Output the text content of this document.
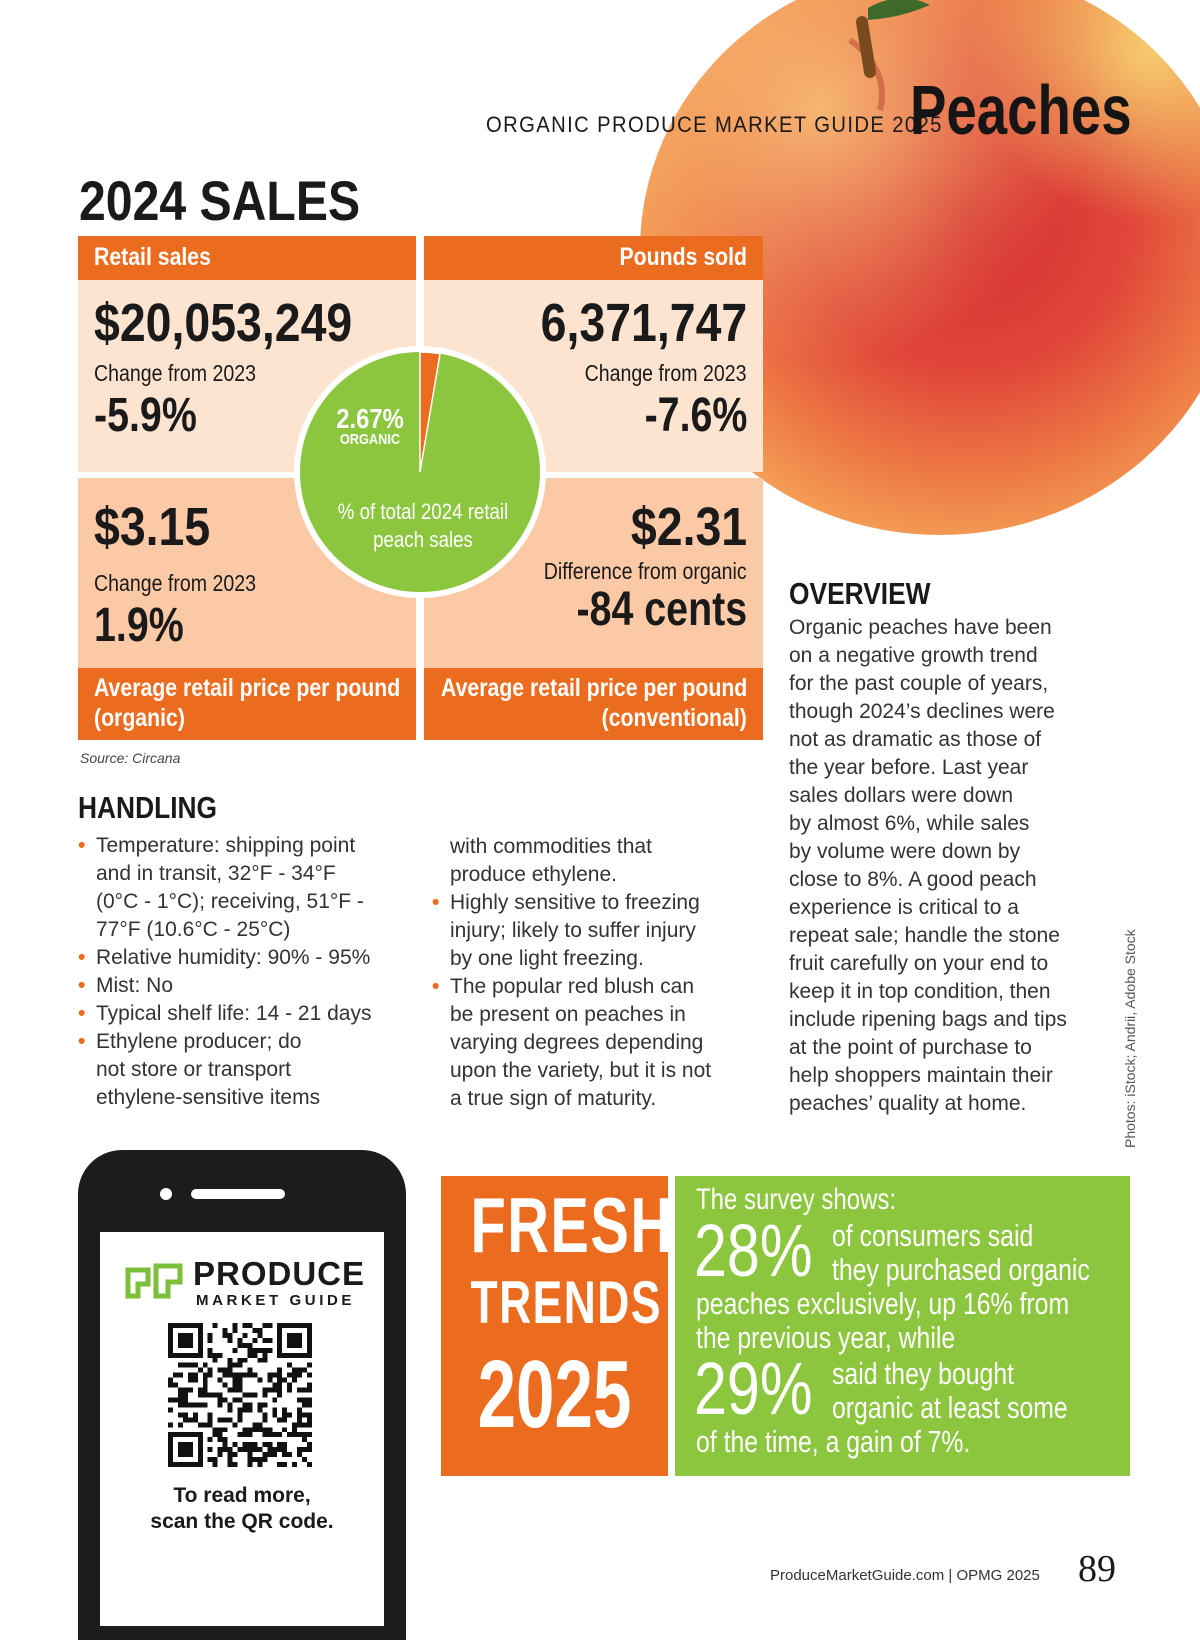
ORGANIC PRODUCE MARKET GUIDE 2025
Peaches
2024 SALES
Retail sales
$20,053,249
Change from 2023
-5.9%
Pounds sold
6,371,747
Change from 2023
-7.6%
$3.15
Change from 2023
1.9%
Average retail price per pound
(organic)
$2.31
Difference from organic
-84 cents
Average retail price per pound
(conventional)
2.67%
ORGANIC
% of total 2024 retail
peach sales
Source: Circana
HANDLING
• Temperature: shipping point
and in transit, 32°F - 34°F
(0°C - 1°C); receiving, 51°F -
77°F (10.6°C - 25°C)
• Relative humidity: 90% - 95%
• Mist: No
• Typical shelf life: 14 - 21 days
• Ethylene producer; do
not store or transport
ethylene-sensitive items
with commodities that
produce ethylene.
• Highly sensitive to freezing
injury; likely to suffer injury
by one light freezing.
• The popular red blush can
be present on peaches in
varying degrees depending
upon the variety, but it is not
a true sign of maturity.
OVERVIEW
Organic peaches have been
on a negative growth trend
for the past couple of years,
though 2024’s declines were
not as dramatic as those of
the year before. Last year
sales dollars were down
by almost 6%, while sales
by volume were down by
close to 8%. A good peach
experience is critical to a
repeat sale; handle the stone
fruit carefully on your end to
keep it in top condition, then
include ripening bags and tips
at the point of purchase to
help shoppers maintain their
peaches’ quality at home.	Photos: iStock; Andrii, Adobe Stock
PRODUCE
MARKET GUIDE
To read more,
scan the QR code.
FRESH
TRENDS
2025
The survey shows:
28% of consumers said
they purchased organic
peaches exclusively, up 16% from
the previous year, while
29% said they bought
organic at least some
of the time, a gain of 7%.
ProduceMarketGuide.com | OPMG 2025 89
